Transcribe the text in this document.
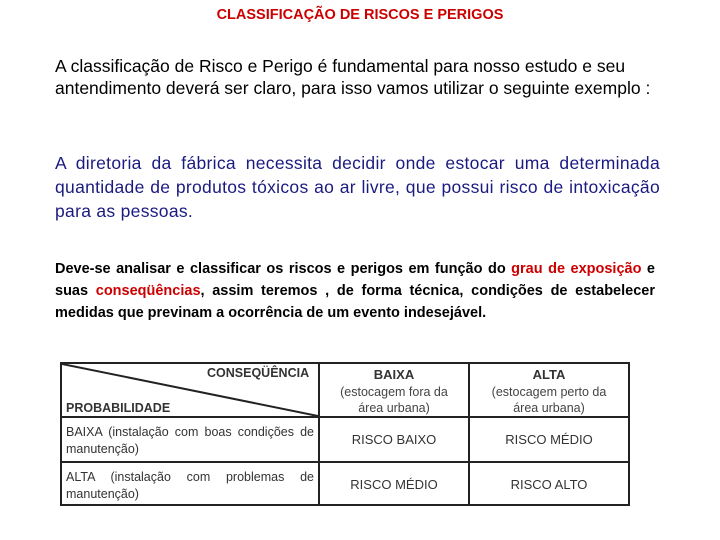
CLASSIFICAÇÃO DE RISCOS E PERIGOS
A classificação de Risco e Perigo é fundamental para nosso estudo e seu antendimento deverá ser claro, para isso vamos utilizar o seguinte exemplo :
A diretoria da fábrica necessita decidir onde estocar uma determinada quantidade de produtos tóxicos ao ar livre, que possui risco de intoxicação para as pessoas.
Deve-se analisar e classificar os riscos e perigos em função do grau de exposição e suas conseqüências, assim teremos , de forma técnica, condições de estabelecer medidas que previnam a ocorrência de um evento indesejável.
CONSEQÜÊNCIA
PROBABILIDADE
BAIXA
(estocagem fora da área urbana)
ALTA
(estocagem perto da área urbana)
BAIXA (instalação com boas condições de manutenção)
RISCO BAIXO	RISCO MÉDIO
ALTA (instalação com problemas de manutenção)
RISCO MÉDIO	RISCO ALTO
